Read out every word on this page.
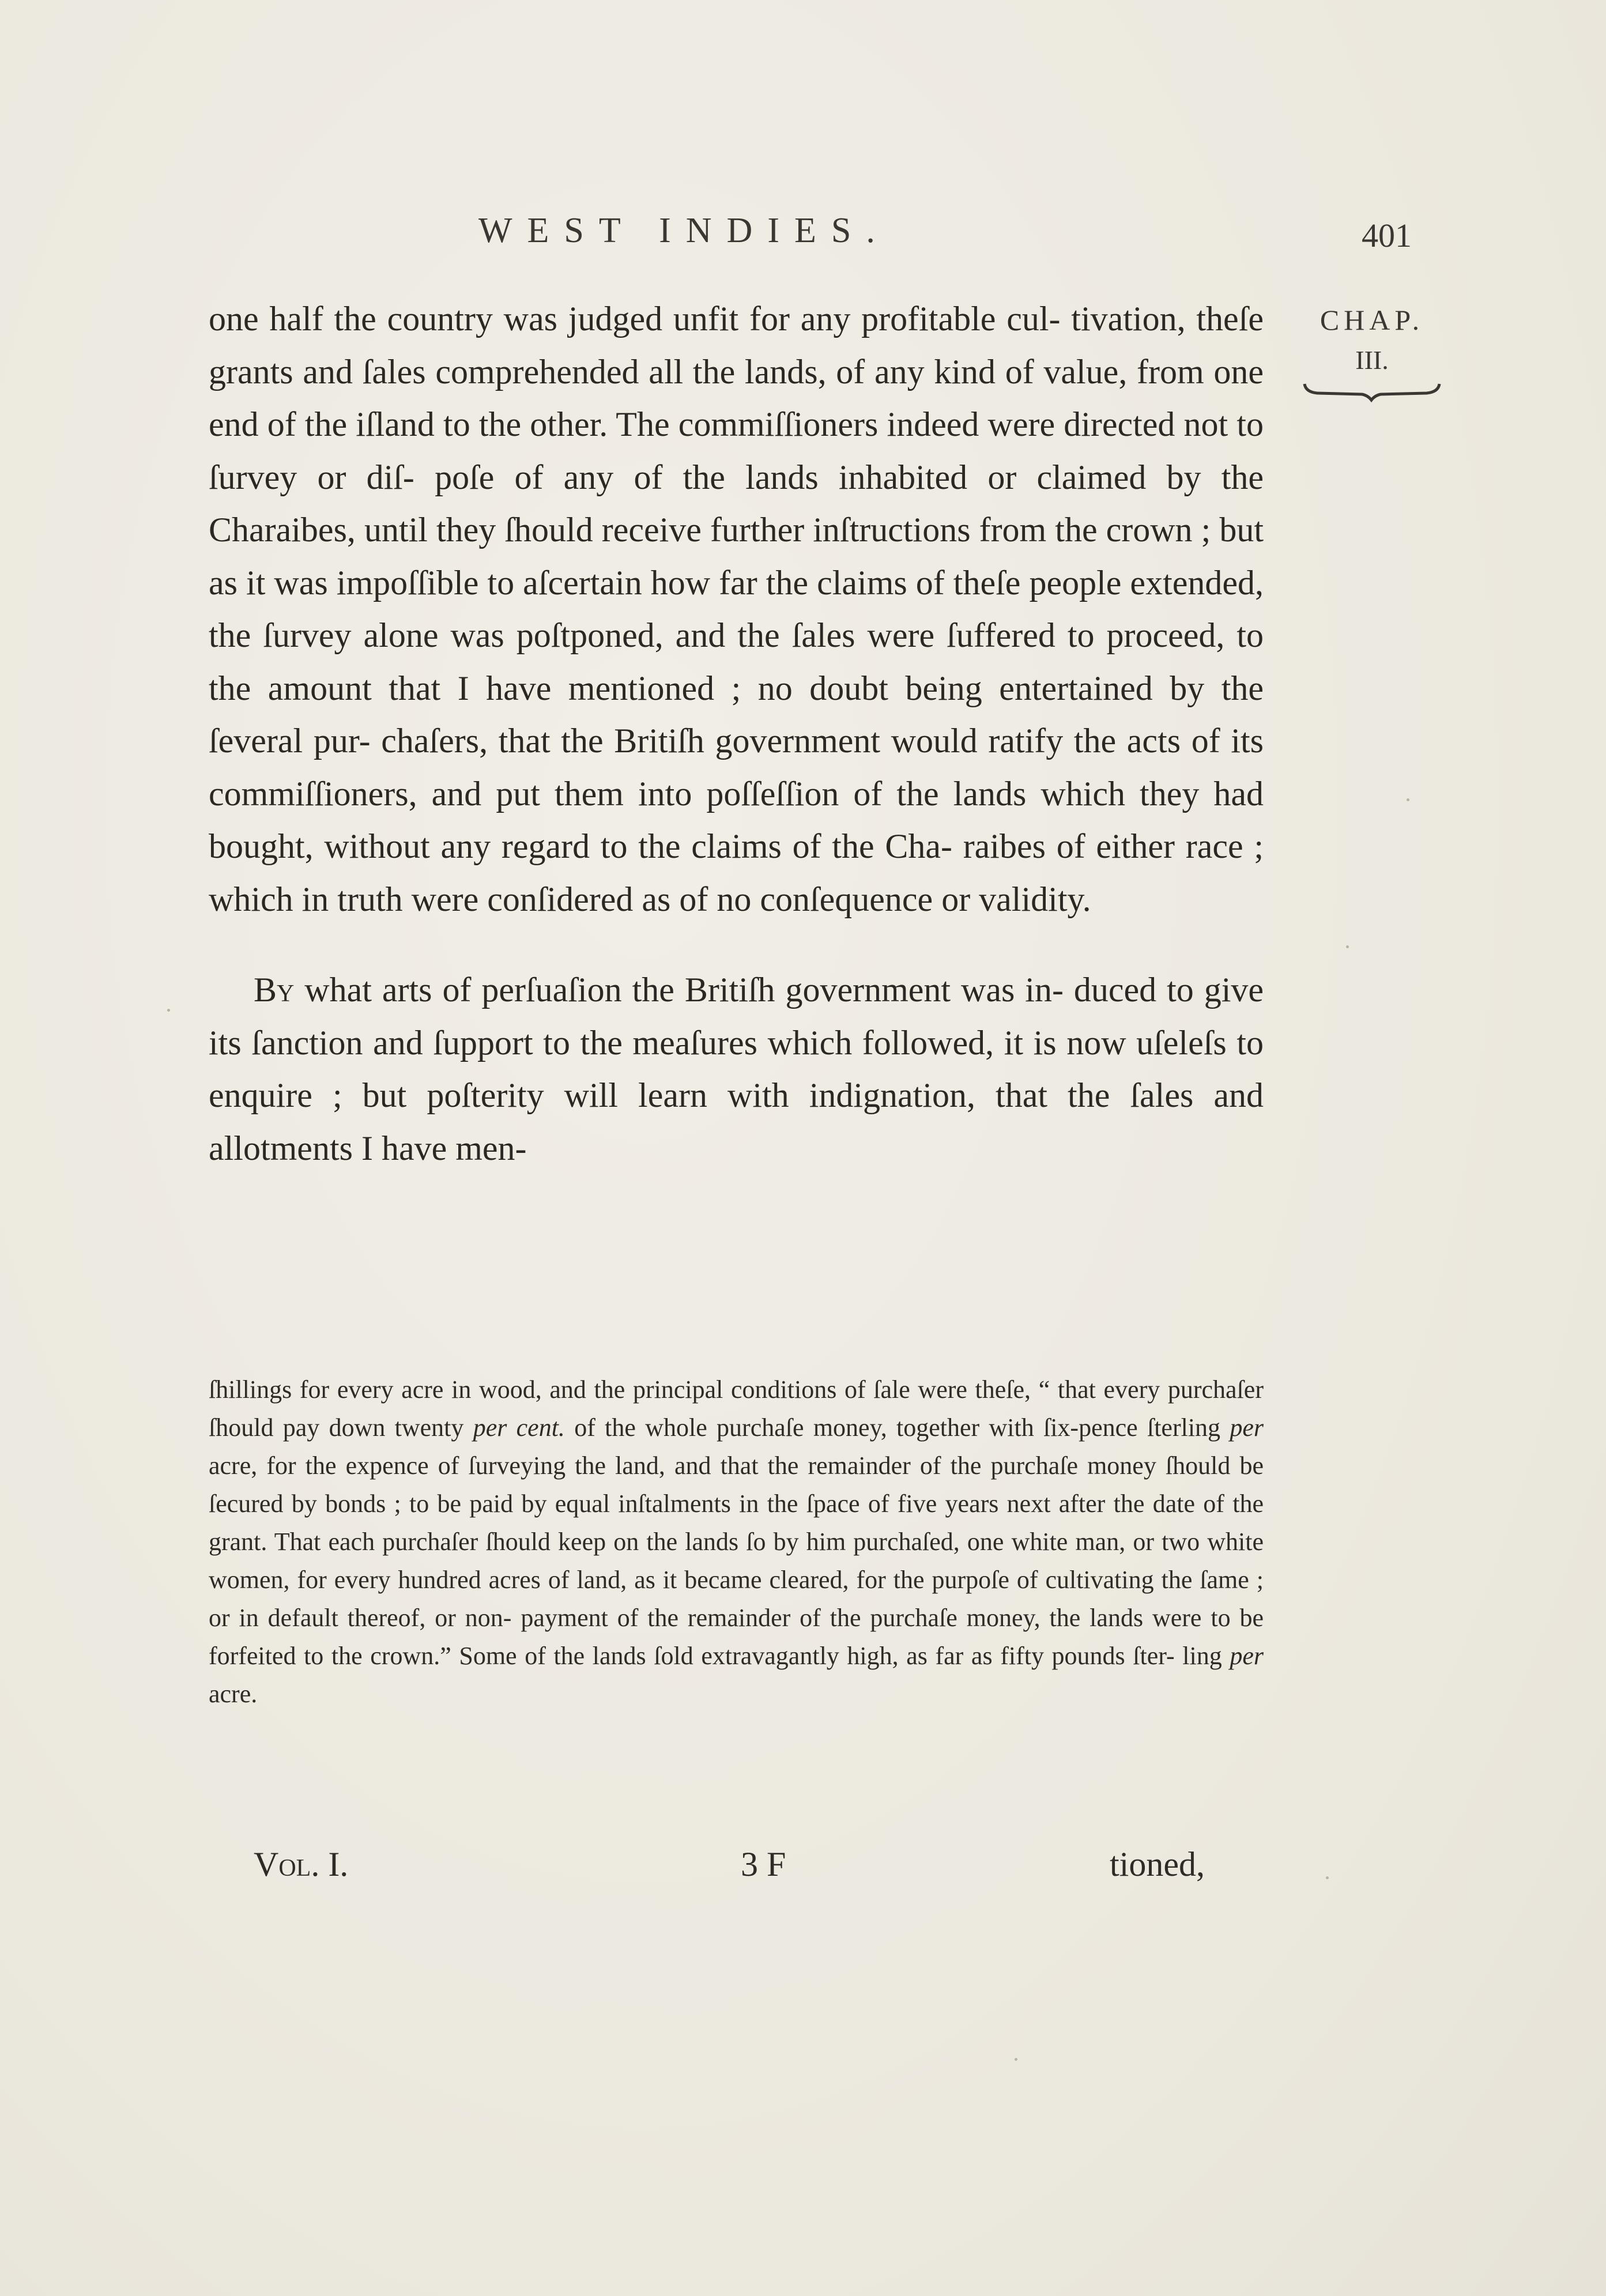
WEST INDIES.	401
CHAP.
III.

one half the country was judged unfit for any profitable cul- tivation, theſe grants and ſales comprehended all the lands, of any kind of value, from one end of the iſland to the other. The commiſſioners indeed were directed not to ſurvey or diſ- poſe of any of the lands inhabited or claimed by the Charaibes, until they ſhould receive further inſtructions from the crown ; but as it was impoſſible to aſcertain how far the claims of theſe people extended, the ſurvey alone was poſtponed, and the ſales were ſuffered to proceed, to the amount that I have mentioned ; no doubt being entertained by the ſeveral pur- chaſers, that the Britiſh government would ratify the acts of its commiſſioners, and put them into poſſeſſion of the lands which they had bought, without any regard to the claims of the Cha- raibes of either race ; which in truth were conſidered as of no conſequence or validity.

By what arts of perſuaſion the Britiſh government was in- duced to give its ſanction and ſupport to the meaſures which followed, it is now uſeleſs to enquire ; but poſterity will learn with indignation, that the ſales and allotments I have men-

ſhillings for every acre in wood, and the principal conditions of ſale were theſe, “ that every purchaſer ſhould pay down twenty per cent. of the whole purchaſe money, together with ſix-pence ſterling per acre, for the expence of ſurveying the land, and that the remainder of the purchaſe money ſhould be ſecured by bonds ; to be paid by equal inſtalments in the ſpace of five years next after the date of the grant. That each purchaſer ſhould keep on the lands ſo by him purchaſed, one white man, or two white women, for every hundred acres of land, as it became cleared, for the purpoſe of cultivating the ſame ; or in default thereof, or non- payment of the remainder of the purchaſe money, the lands were to be forfeited to the crown.” Some of the lands ſold extravagantly high, as far as fifty pounds ſter- ling per acre.
Vol. I.	3 F	tioned,
